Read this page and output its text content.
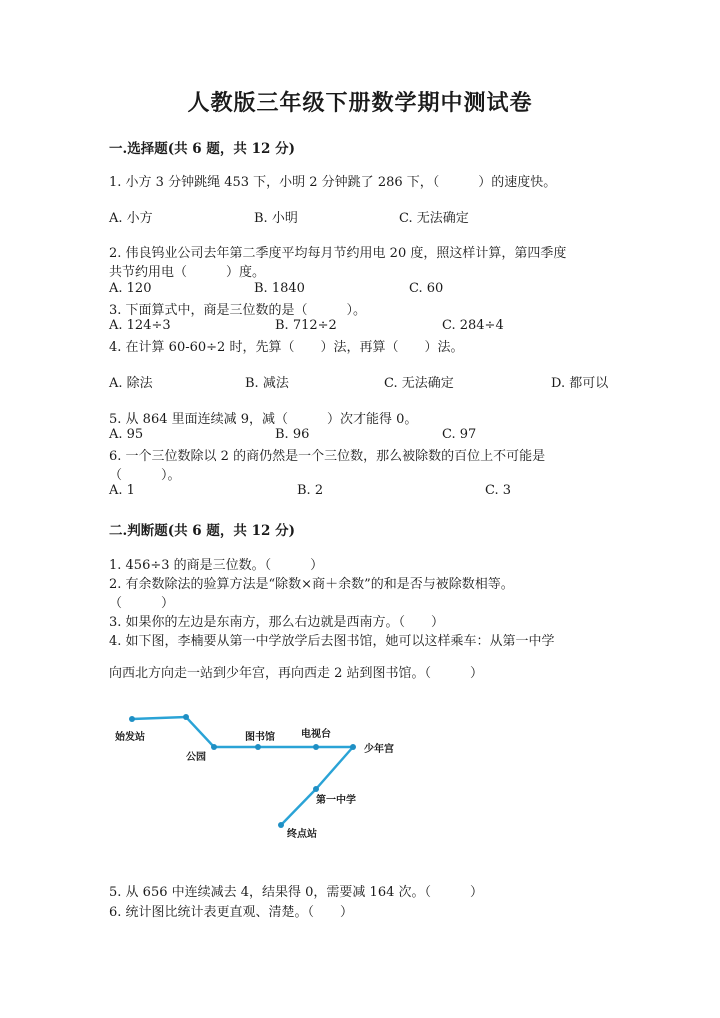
人教版三年级下册数学期中测试卷
一.选择题(共 6 题，共 12 分)
1. 小方 3 分钟跳绳 453 下，小明 2 分钟跳了 286 下，（　　　）的速度快。
A. 小方	B. 小明	C. 无法确定
2. 伟良钨业公司去年第二季度平均每月节约用电 20 度，照这样计算，第四季度
共节约用电（　　　）度。
A. 120	B. 1840	C. 60
3. 下面算式中，商是三位数的是（　　　）。
A. 124÷3	B. 712÷2	C. 284÷4
4. 在计算 60-60÷2 时，先算（　　）法，再算（　　）法。
A. 除法	B. 减法	C. 无法确定	D. 都可以
5. 从 864 里面连续减 9，减（　　　）次才能得 0。
A. 95	B. 96	C. 97
6. 一个三位数除以 2 的商仍然是一个三位数，那么被除数的百位上不可能是
（　　　）。
A. 1	B. 2	C. 3
二.判断题(共 6 题，共 12 分)
1. 456÷3 的商是三位数。（　　　）
2. 有余数除法的验算方法是“除数×商＋余数”的和是否与被除数相等。
（　　　）
3. 如果你的左边是东南方，那么右边就是西南方。（　　）
4. 如下图，李楠要从第一中学放学后去图书馆，她可以这样乘车：从第一中学
向西北方向走一站到少年宫，再向西走 2 站到图书馆。（　　　）
始发站
公园
图书馆	电视台
少年宫
第一中学
终点站
5. 从 656 中连续减去 4，结果得 0，需要减 164 次。（　　　）
6. 统计图比统计表更直观、清楚。（　　）
